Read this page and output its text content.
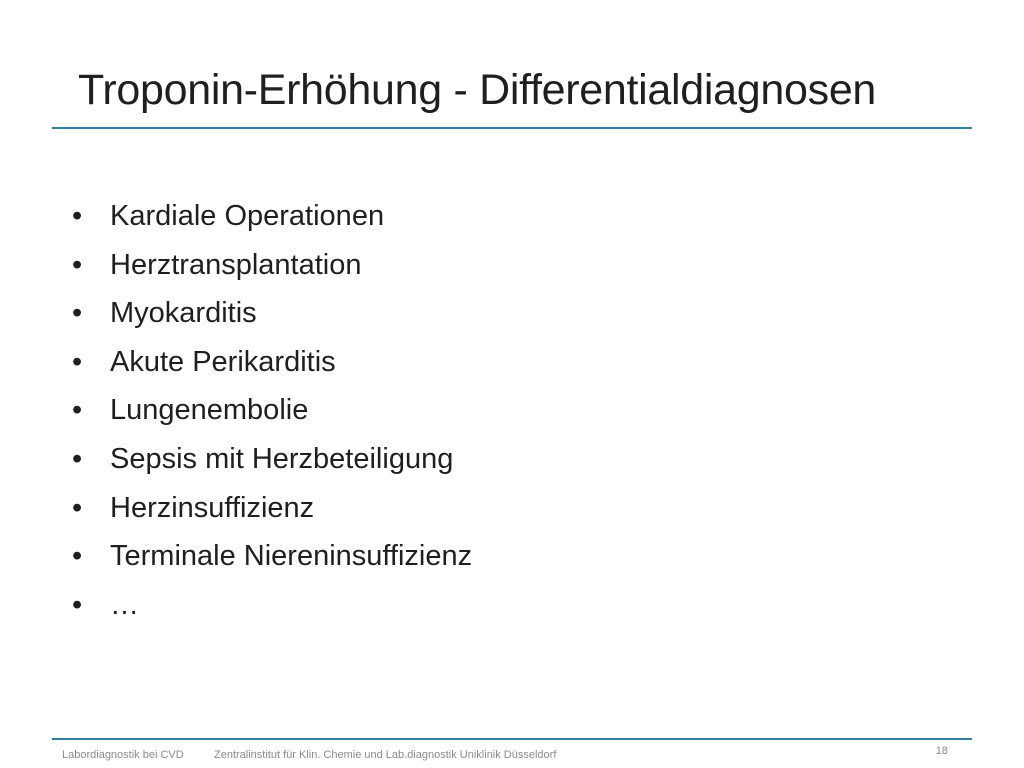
Troponin-Erhöhung - Differentialdiagnosen
• Kardiale Operationen
• Herztransplantation
• Myokarditis
• Akute Perikarditis
• Lungenembolie
• Sepsis mit Herzbeteiligung
• Herzinsuffizienz
• Terminale Niereninsuffizienz
• …
Labordiagnostik bei CVD	Zentralinstitut für Klin. Chemie und Lab.diagnostik Uniklinik Düsseldorf	18
